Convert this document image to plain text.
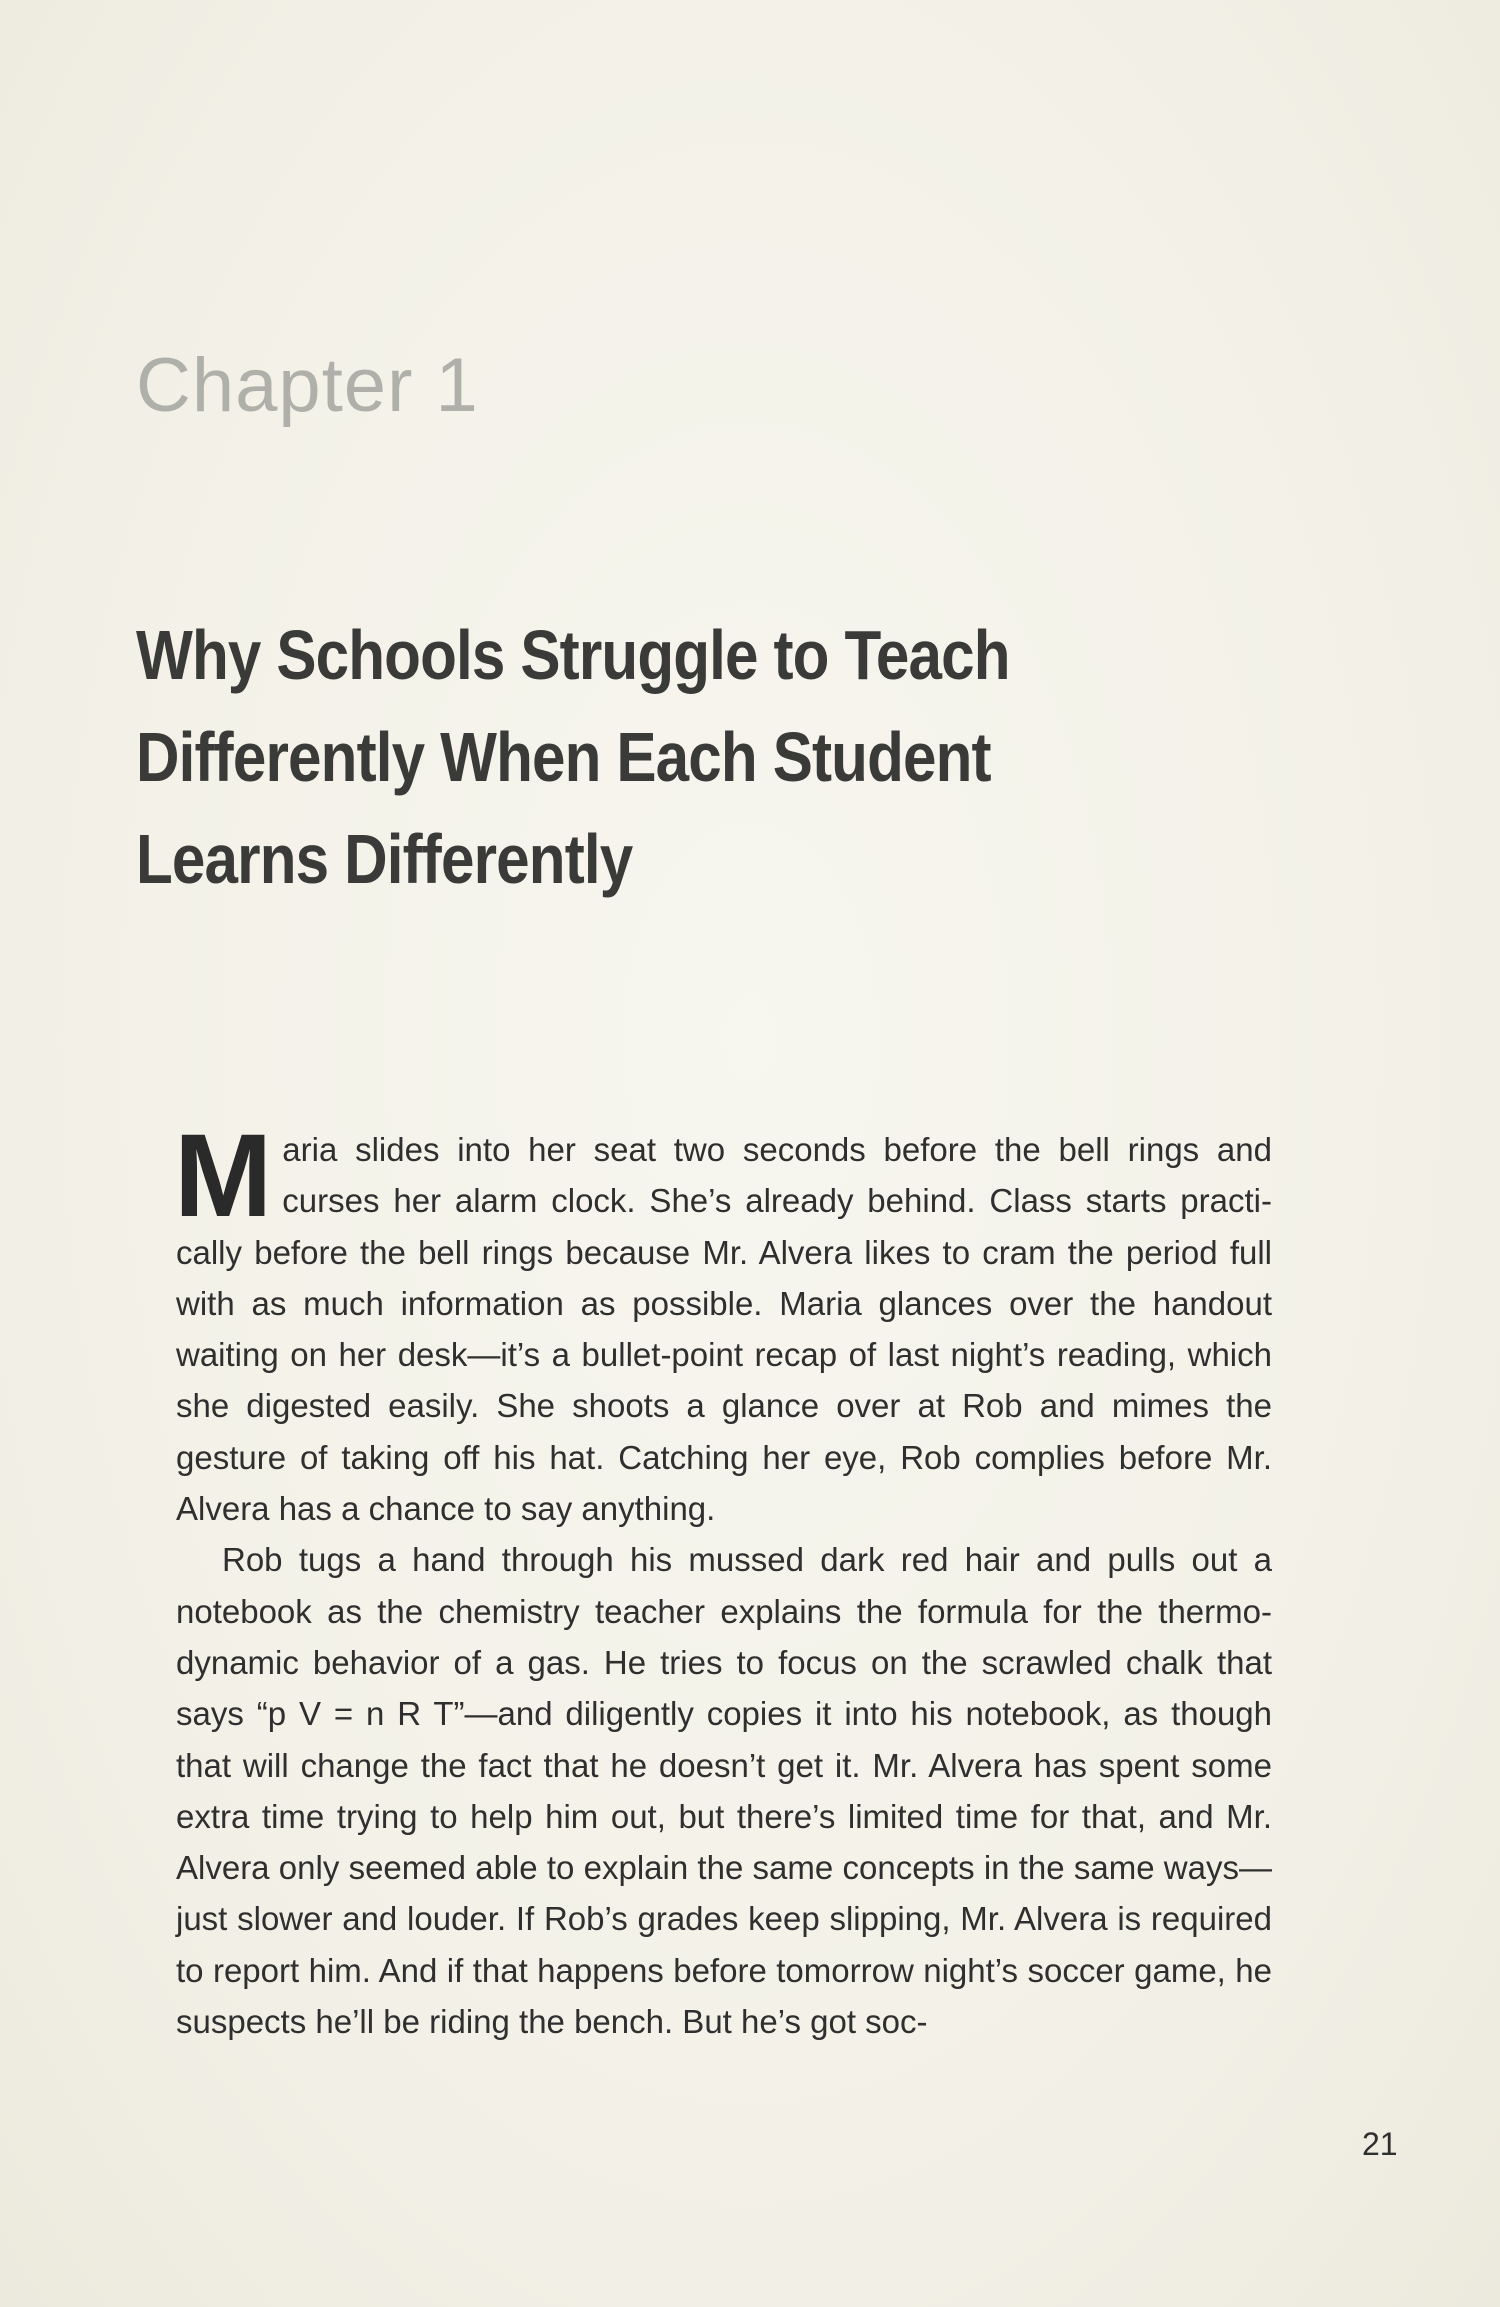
Chapter 1
Why Schools Struggle to Teach
Differently When Each Student
Learns Differently

Maria slides into her seat two seconds before the bell rings and curses her alarm clock. She’s already behind. Class starts practically before the bell rings because Mr. Alvera likes to cram the period full with as much information as possible. Maria glances over the handout waiting on her desk—it’s a bullet-point recap of last night’s reading, which she digested easily. She shoots a glance over at Rob and mimes the gesture of taking off his hat. Catching her eye, Rob complies before Mr. Alvera has a chance to say anything.

Rob tugs a hand through his mussed dark red hair and pulls out a notebook as the chemistry teacher explains the formula for the thermodynamic behavior of a gas. He tries to focus on the scrawled chalk that says “p V = n R T”—and diligently copies it into his notebook, as though that will change the fact that he doesn’t get it. Mr. Alvera has spent some extra time trying to help him out, but there’s limited time for that, and Mr. Alvera only seemed able to explain the same concepts in the same ways—just slower and louder. If Rob’s grades keep slipping, Mr. Alvera is required to report him. And if that happens before tomorrow night’s soccer game, he suspects he’ll be riding the bench. But he’s got soc-

21
